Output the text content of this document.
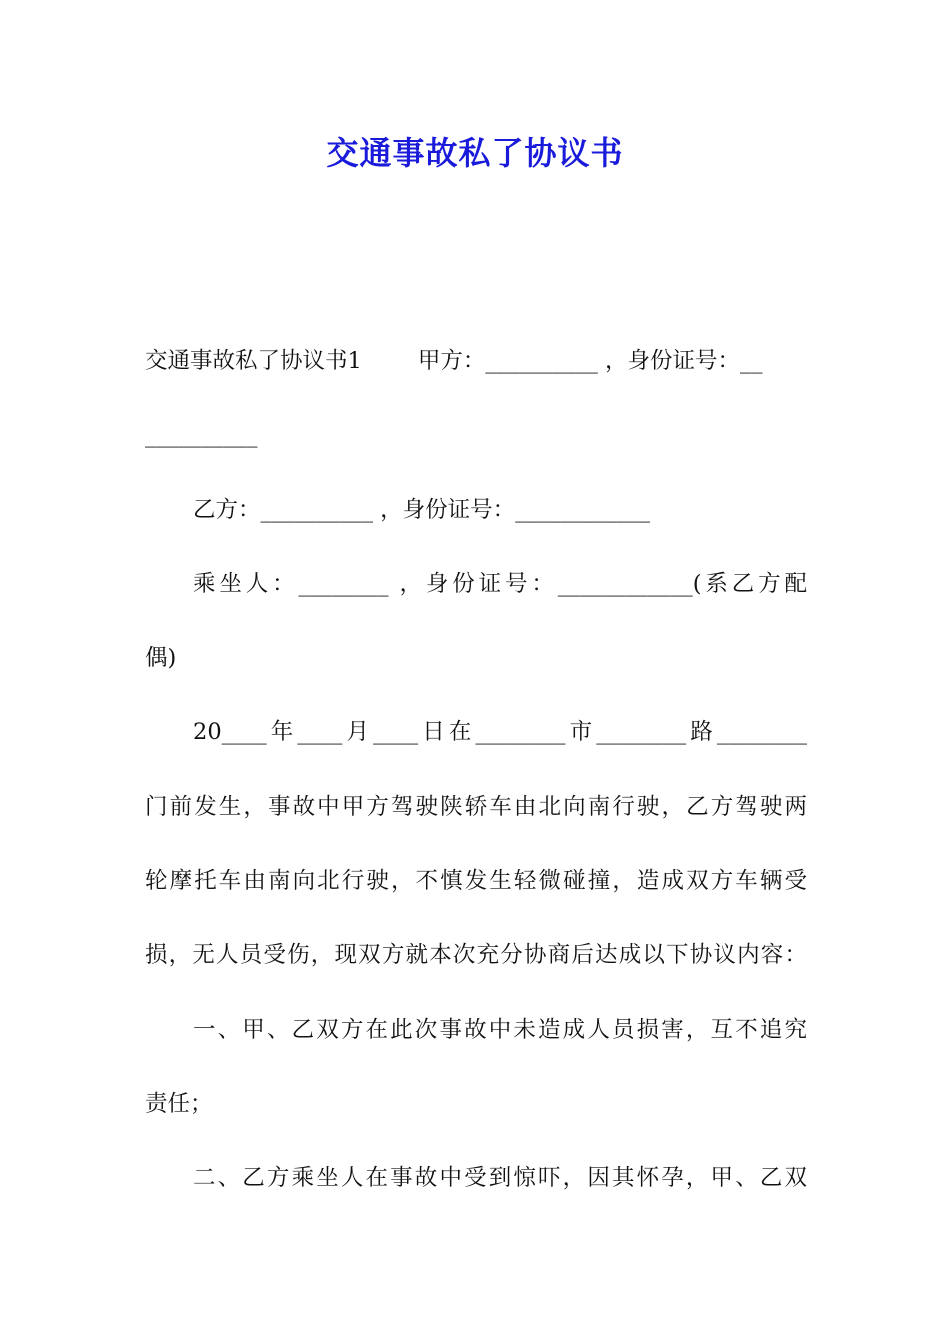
交通事故私了协议书
交通事故私了协议书1 甲方：__________ ，身份证号：__
__________
乙方：__________ ，身份证号：____________
乘坐人：________ ，身份证号：____________(系乙方配
偶)
20____年____月____日在________市________路________
门前发生，事故中甲方驾驶陕轿车由北向南行驶，乙方驾驶两
轮摩托车由南向北行驶，不慎发生轻微碰撞，造成双方车辆受
损，无人员受伤，现双方就本次充分协商后达成以下协议内容：
一、甲、乙双方在此次事故中未造成人员损害，互不追究
责任；
二、乙方乘坐人在事故中受到惊吓，因其怀孕，甲、乙双
